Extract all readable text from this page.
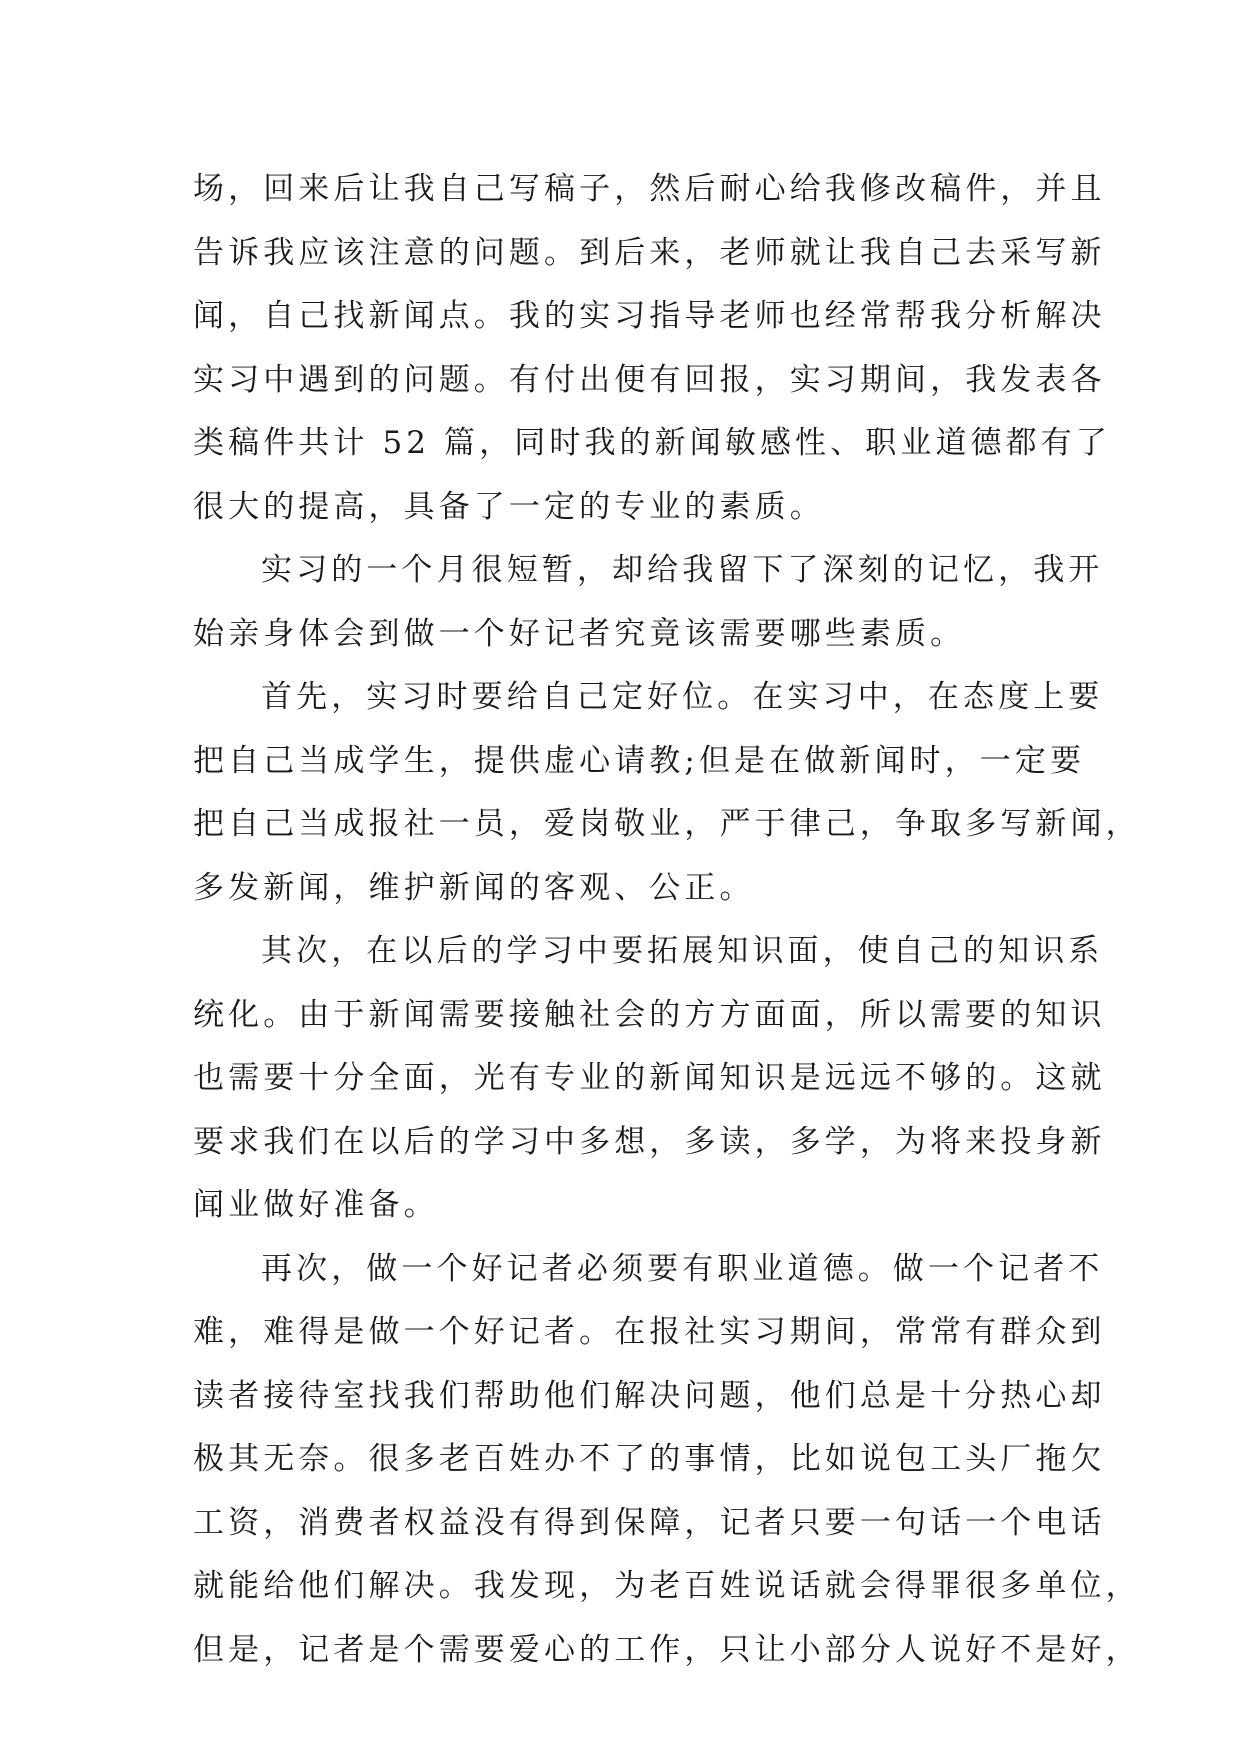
场，回来后让我自己写稿子，然后耐心给我修改稿件，并且
告诉我应该注意的问题。到后来，老师就让我自己去采写新
闻，自己找新闻点。我的实习指导老师也经常帮我分析解决
实习中遇到的问题。有付出便有回报，实习期间，我发表各
类稿件共计 52 篇，同时我的新闻敏感性、职业道德都有了
很大的提高，具备了一定的专业的素质。
实习的一个月很短暂，却给我留下了深刻的记忆，我开
始亲身体会到做一个好记者究竟该需要哪些素质。
首先，实习时要给自己定好位。在实习中，在态度上要
把自己当成学生，提供虚心请教;但是在做新闻时，一定要
把自己当成报社一员，爱岗敬业，严于律己，争取多写新闻，
多发新闻，维护新闻的客观、公正。
其次，在以后的学习中要拓展知识面，使自己的知识系
统化。由于新闻需要接触社会的方方面面，所以需要的知识
也需要十分全面，光有专业的新闻知识是远远不够的。这就
要求我们在以后的学习中多想，多读，多学，为将来投身新
闻业做好准备。
再次，做一个好记者必须要有职业道德。做一个记者不
难，难得是做一个好记者。在报社实习期间，常常有群众到
读者接待室找我们帮助他们解决问题，他们总是十分热心却
极其无奈。很多老百姓办不了的事情，比如说包工头厂拖欠
工资，消费者权益没有得到保障，记者只要一句话一个电话
就能给他们解决。我发现，为老百姓说话就会得罪很多单位，
但是，记者是个需要爱心的工作，只让小部分人说好不是好，
